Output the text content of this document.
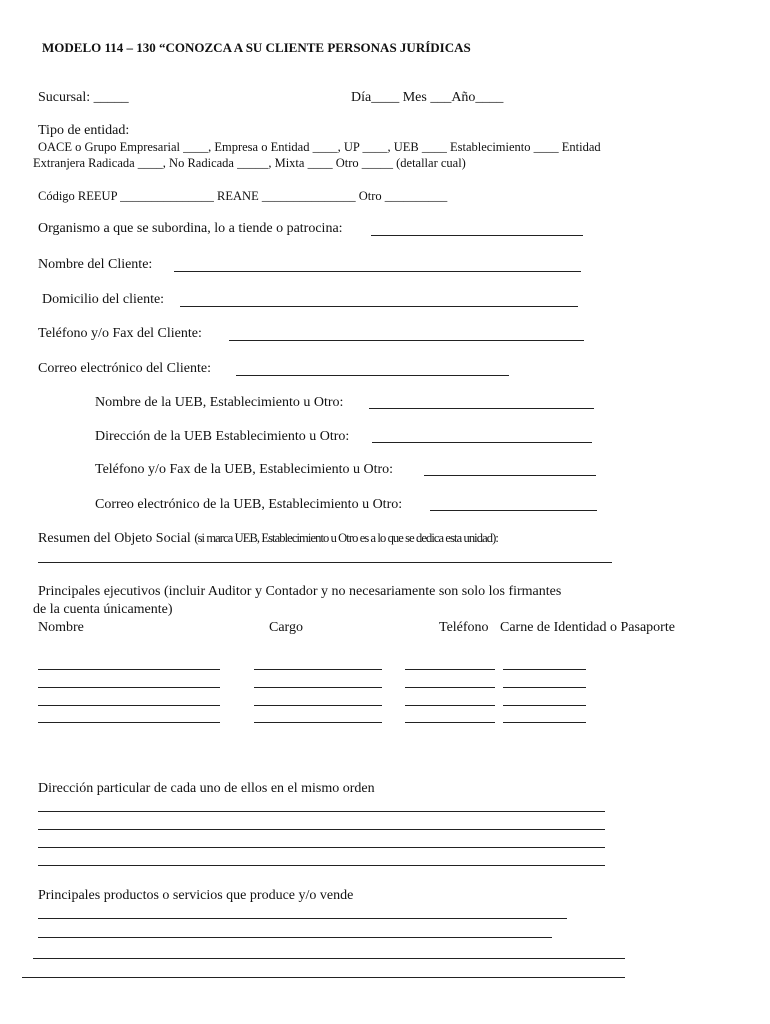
MODELO 114 – 130 “CONOZCA A SU CLIENTE PERSONAS JURÍDICAS
Sucursal: _____	Día____ Mes ___Año____
Tipo de entidad:
OACE o Grupo Empresarial ____, Empresa o Entidad ____, UP ____, UEB ____ Establecimiento ____ Entidad
Extranjera Radicada ____, No Radicada _____, Mixta ____ Otro _____ (detallar cual)
Código REEUP _______________ REANE _______________ Otro __________
Organismo a que se subordina, lo a tiende o patrocina:
Nombre del Cliente:
Domicilio del cliente:
Teléfono y/o Fax del Cliente:
Correo electrónico del Cliente:
Nombre de la UEB, Establecimiento u Otro:
Dirección de la UEB Establecimiento u Otro:
Teléfono y/o Fax de la UEB, Establecimiento u Otro:
Correo electrónico de la UEB, Establecimiento u Otro:
Resumen del Objeto Social (si marca UEB, Establecimiento u Otro es a lo que se dedica esta unidad):
Principales ejecutivos (incluir Auditor y Contador y no necesariamente son solo los firmantes
de la cuenta únicamente)
Nombre	Cargo	Teléfono Carne de Identidad o Pasaporte
Dirección particular de cada uno de ellos en el mismo orden
Principales productos o servicios que produce y/o vende
